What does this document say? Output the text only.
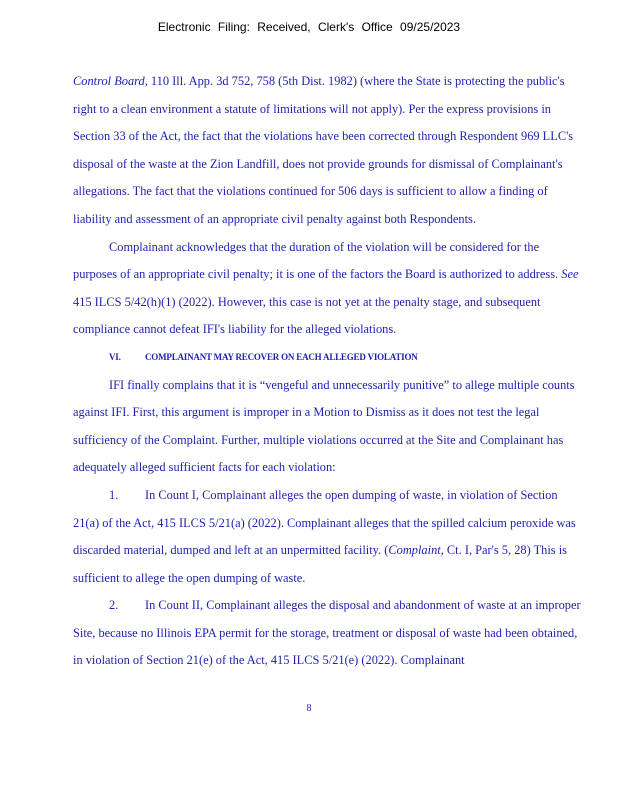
Electronic Filing: Received, Clerk's Office 09/25/2023

Control Board, 110 Ill. App. 3d 752, 758 (5th Dist. 1982) (where the State is protecting the public's right to a clean environment a statute of limitations will not apply). Per the express provisions in Section 33 of the Act, the fact that the violations have been corrected through Respondent 969 LLC's disposal of the waste at the Zion Landfill, does not provide grounds for dismissal of Complainant's allegations. The fact that the violations continued for 506 days is sufficient to allow a finding of liability and assessment of an appropriate civil penalty against both Respondents.

Complainant acknowledges that the duration of the violation will be considered for the purposes of an appropriate civil penalty; it is one of the factors the Board is authorized to address. See 415 ILCS 5/42(h)(1) (2022). However, this case is not yet at the penalty stage, and subsequent compliance cannot defeat IFI's liability for the alleged violations.

VI.	COMPLAINANT MAY RECOVER ON EACH ALLEGED VIOLATION

IFI finally complains that it is “vengeful and unnecessarily punitive” to allege multiple counts against IFI. First, this argument is improper in a Motion to Dismiss as it does not test the legal sufficiency of the Complaint. Further, multiple violations occurred at the Site and Complainant has adequately alleged sufficient facts for each violation:

1. In Count I, Complainant alleges the open dumping of waste, in violation of Section 21(a) of the Act, 415 ILCS 5/21(a) (2022). Complainant alleges that the spilled calcium peroxide was discarded material, dumped and left at an unpermitted facility. (Complaint, Ct. I, Par's 5, 28) This is sufficient to allege the open dumping of waste.

2. In Count II, Complainant alleges the disposal and abandonment of waste at an improper Site, because no Illinois EPA permit for the storage, treatment or disposal of waste had been obtained, in violation of Section 21(e) of the Act, 415 ILCS 5/21(e) (2022). Complainant

8
